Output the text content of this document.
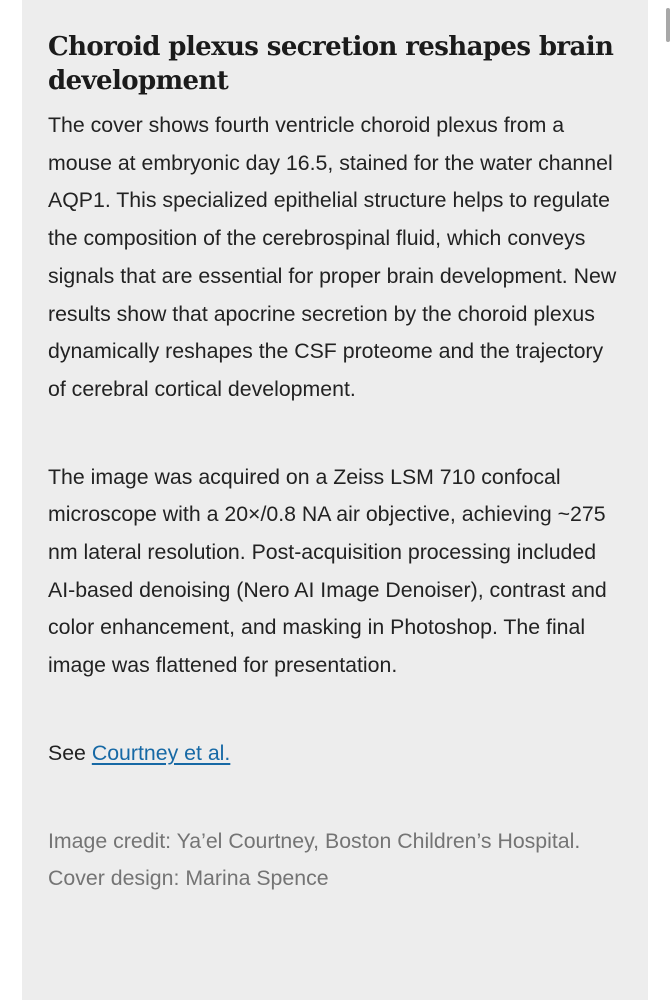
Choroid plexus secretion reshapes brain development

The cover shows fourth ventricle choroid plexus from a mouse at embryonic day 16.5, stained for the water channel AQP1. This specialized epithelial structure helps to regulate the composition of the cerebrospinal fluid, which conveys signals that are essential for proper brain development. New results show that apocrine secretion by the choroid plexus dynamically reshapes the CSF proteome and the trajectory of cerebral cortical development.

The image was acquired on a Zeiss LSM 710 confocal microscope with a 20×/0.8 NA air objective, achieving ~275 nm lateral resolution. Post-acquisition processing included AI-based denoising (Nero AI Image Denoiser), contrast and color enhancement, and masking in Photoshop. The final image was flattened for presentation.

See Courtney et al.

Image credit: Ya’el Courtney, Boston Children’s Hospital.
Cover design: Marina Spence
